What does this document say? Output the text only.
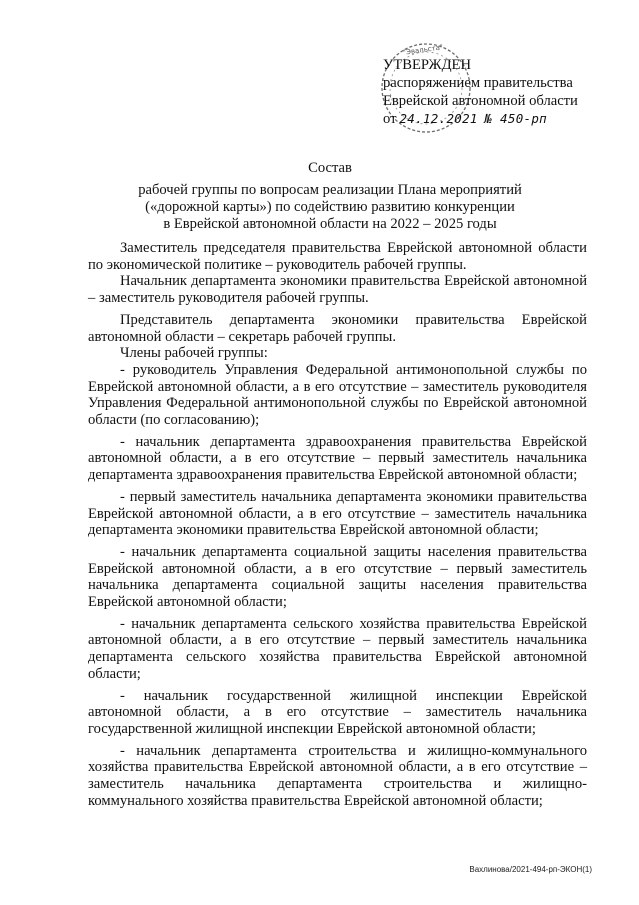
"Эвальста"
УТВЕРЖДЕН
распоряжением правительства
Еврейской автономной области
от 24.12.2021 № 450-рп
Состав
рабочей группы по вопросам реализации Плана мероприятий
(«дорожной карты») по содействию развитию конкуренции
в Еврейской автономной области на 2022 – 2025 годы

Заместитель председателя правительства Еврейской автономной области по экономической политике – руководитель рабочей группы.

Начальник департамента экономики правительства Еврейской автономной – заместитель руководителя рабочей группы.

Представитель департамента экономики правительства Еврейской автономной области – секретарь рабочей группы.

Члены рабочей группы:

- руководитель Управления Федеральной антимонопольной службы по Еврейской автономной области, а в его отсутствие – заместитель руководителя Управления Федеральной антимонопольной службы по Еврейской автономной области (по согласованию);

- начальник департамента здравоохранения правительства Еврейской автономной области, а в его отсутствие – первый заместитель начальника департамента здравоохранения правительства Еврейской автономной области;

- первый заместитель начальника департамента экономики правительства Еврейской автономной области, а в его отсутствие – заместитель начальника департамента экономики правительства Еврейской автономной области;

- начальник департамента социальной защиты населения правительства Еврейской автономной области, а в его отсутствие – первый заместитель начальника департамента социальной защиты населения правительства Еврейской автономной области;

- начальник департамента сельского хозяйства правительства Еврейской автономной области, а в его отсутствие – первый заместитель начальника департамента сельского хозяйства правительства Еврейской автономной области;

- начальник государственной жилищной инспекции Еврейской автономной области, а в его отсутствие – заместитель начальника государственной жилищной инспекции Еврейской автономной области;

- начальник департамента строительства и жилищно-коммунального хозяйства правительства Еврейской автономной области, а в его отсутствие – заместитель начальника департамента строительства и жилищно-коммунального хозяйства правительства Еврейской автономной области;

Вахлинова/2021-494-рп-ЭКОН(1)
